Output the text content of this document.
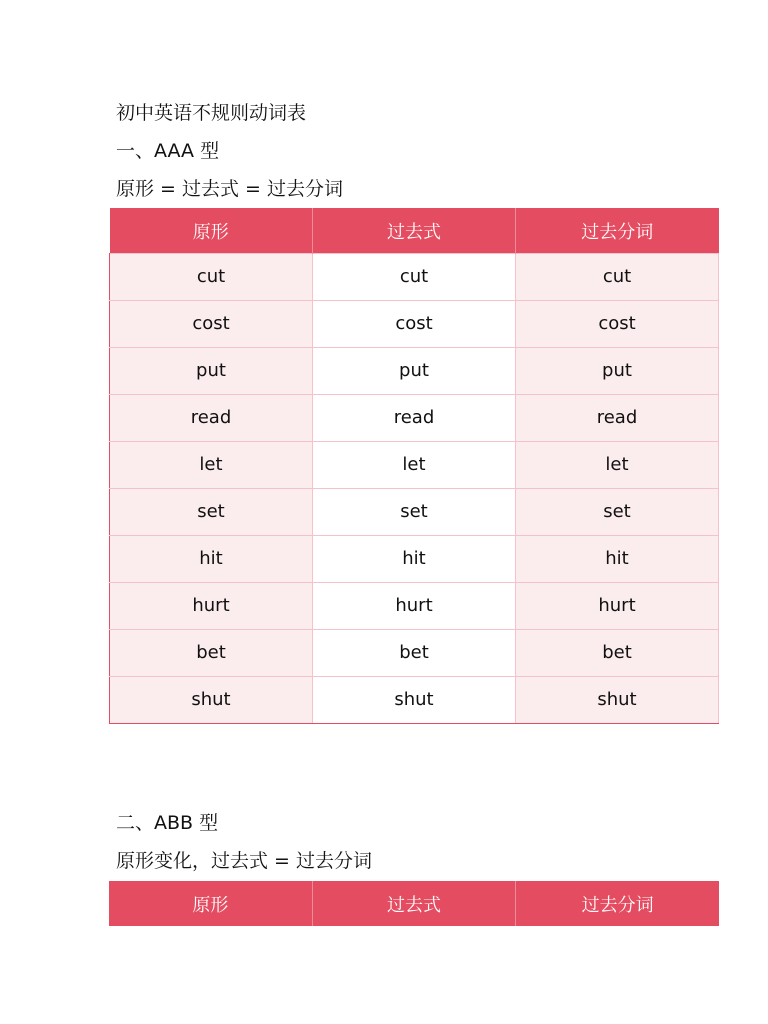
初中英语不规则动词表
一、AAA 型
原形 = 过去式 = 过去分词
原形	过去式	过去分词
cut	cut	cut
cost	cost	cost
put	put	put
read	read	read
let	let	let
set	set	set
hit	hit	hit
hurt	hurt	hurt
bet	bet	bet
shut	shut	shut
二、ABB 型
原形变化，过去式 = 过去分词
原形	过去式	过去分词
